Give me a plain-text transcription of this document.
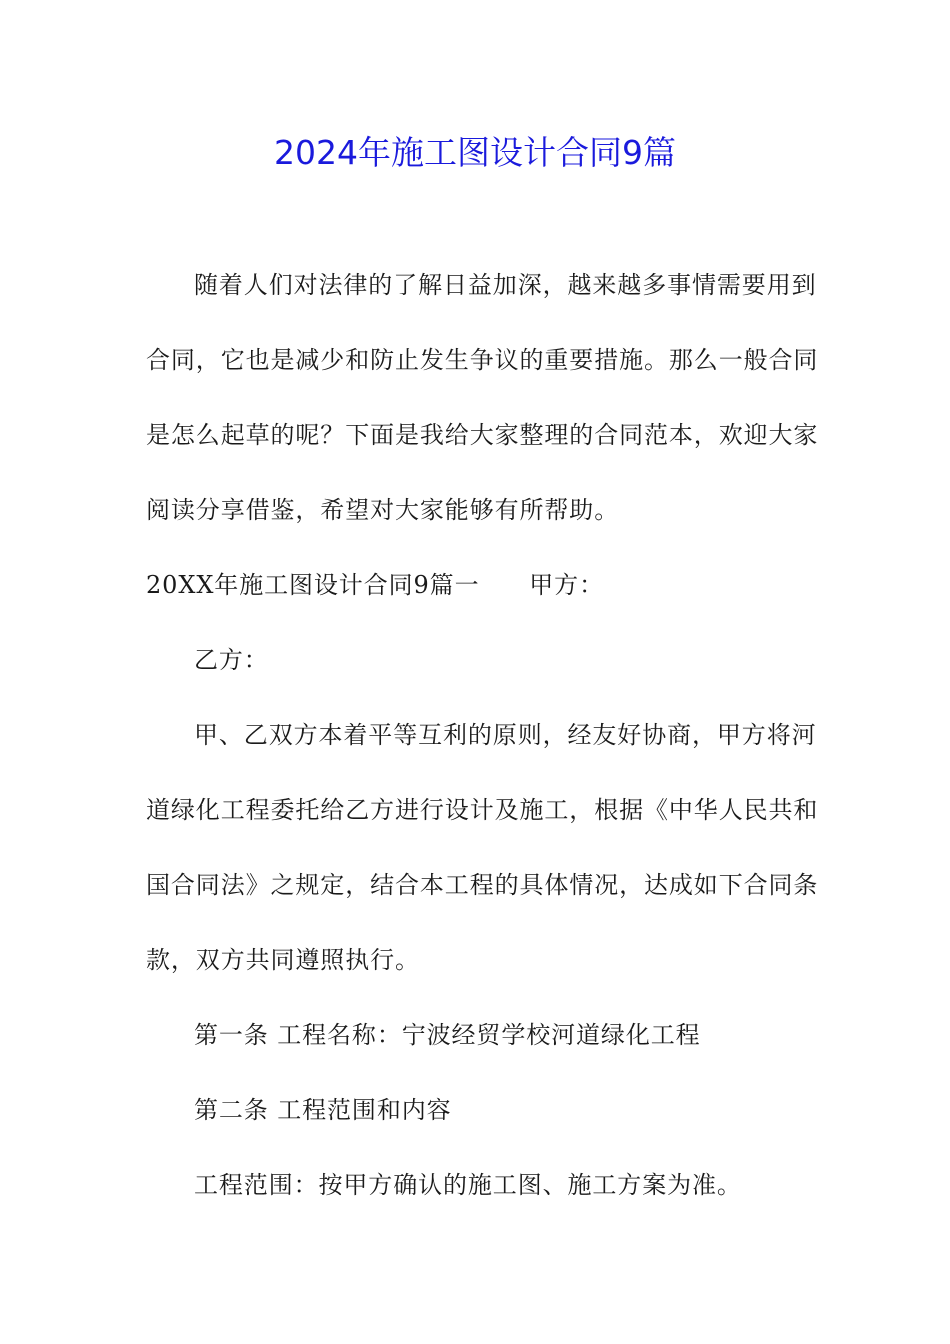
2024年施工图设计合同9篇

随着人们对法律的了解日益加深，越来越多事情需要用到

合同，它也是减少和防止发生争议的重要措施。那么一般合同

是怎么起草的呢？下面是我给大家整理的合同范本，欢迎大家

阅读分享借鉴，希望对大家能够有所帮助。

20XX年施工图设计合同9篇一　　甲方：

乙方：

甲、乙双方本着平等互利的原则，经友好协商，甲方将河

道绿化工程委托给乙方进行设计及施工，根据《中华人民共和

国合同法》之规定，结合本工程的具体情况，达成如下合同条

款，双方共同遵照执行。

第一条 工程名称：宁波经贸学校河道绿化工程

第二条 工程范围和内容

工程范围：按甲方确认的施工图、施工方案为准。
